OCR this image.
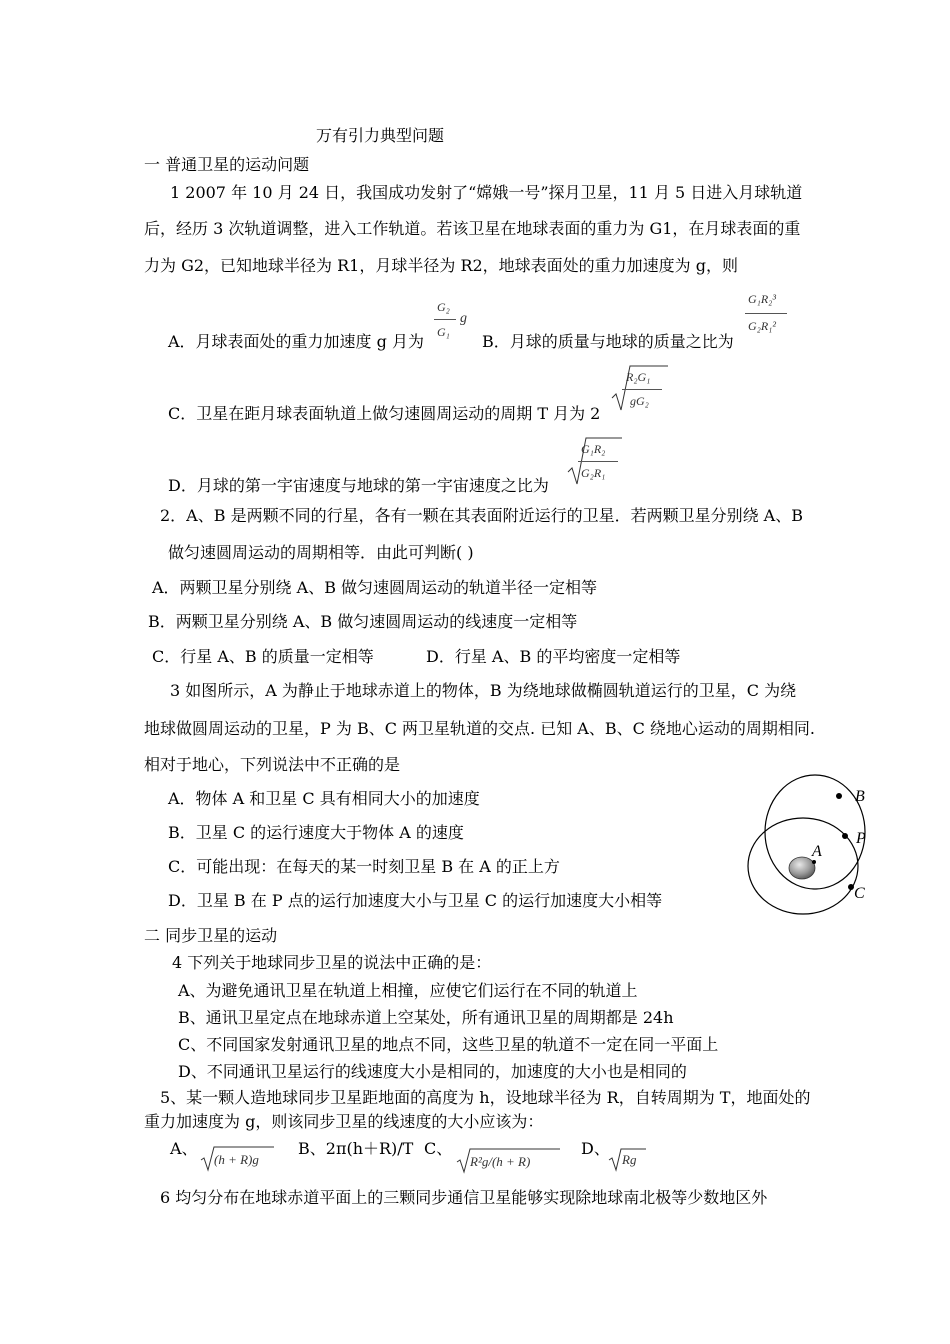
万有引力典型问题
一 普通卫星的运动问题
1 2007 年 10 月 24 日，我国成功发射了“嫦娥一号”探月卫星，11 月 5 日进入月球轨道
后，经历 3 次轨道调整，进入工作轨道。若该卫星在地球表面的重力为 G1，在月球表面的重
力为 G2，已知地球半径为 R1，月球半径为 R2，地球表面处的重力加速度为 g，则
A．月球表面处的重力加速度 g 月为
G₂
G₁
g
B．月球的质量与地球的质量之比为
G₁R₂³
G₂R₁²
C．卫星在距月球表面轨道上做匀速圆周运动的周期 T 月为 2
R₂G₁
gG₂
D．月球的第一宇宙速度与地球的第一宇宙速度之比为
G₁R₂
G₂R₁
2．A、B 是两颗不同的行星，各有一颗在其表面附近运行的卫星．若两颗卫星分别绕 A、B
做匀速圆周运动的周期相等．由此可判断( )
A．两颗卫星分别绕 A、B 做匀速圆周运动的轨道半径一定相等
B．两颗卫星分别绕 A、B 做匀速圆周运动的线速度一定相等
C．行星 A、B 的质量一定相等	D．行星 A、B 的平均密度一定相等
3 如图所示，A 为静止于地球赤道上的物体，B 为绕地球做椭圆轨道运行的卫星，C 为绕
地球做圆周运动的卫星，P 为 B、C 两卫星轨道的交点. 已知 A、B、C 绕地心运动的周期相同.
相对于地心，下列说法中不正确的是
A．物体 A 和卫星 C 具有相同大小的加速度
B．卫星 C 的运行速度大于物体 A 的速度
C．可能出现：在每天的某一时刻卫星 B 在 A 的正上方
D．卫星 B 在 P 点的运行加速度大小与卫星 C 的运行加速度大小相等
A
B
P
C
二 同步卫星的运动
4 下列关于地球同步卫星的说法中正确的是：
A、为避免通讯卫星在轨道上相撞，应使它们运行在不同的轨道上
B、通讯卫星定点在地球赤道上空某处，所有通讯卫星的周期都是 24h
C、不同国家发射通讯卫星的地点不同，这些卫星的轨道不一定在同一平面上
D、不同通讯卫星运行的线速度大小是相同的，加速度的大小也是相同的
5、某一颗人造地球同步卫星距地面的高度为 h，设地球半径为 R，自转周期为 T，地面处的
重力加速度为 g，则该同步卫星的线速度的大小应该为：
A、
(h + R)g
B、2π(h＋R)/T C、
R²g/(h + R)
D、
Rg
6 均匀分布在地球赤道平面上的三颗同步通信卫星能够实现除地球南北极等少数地区外
